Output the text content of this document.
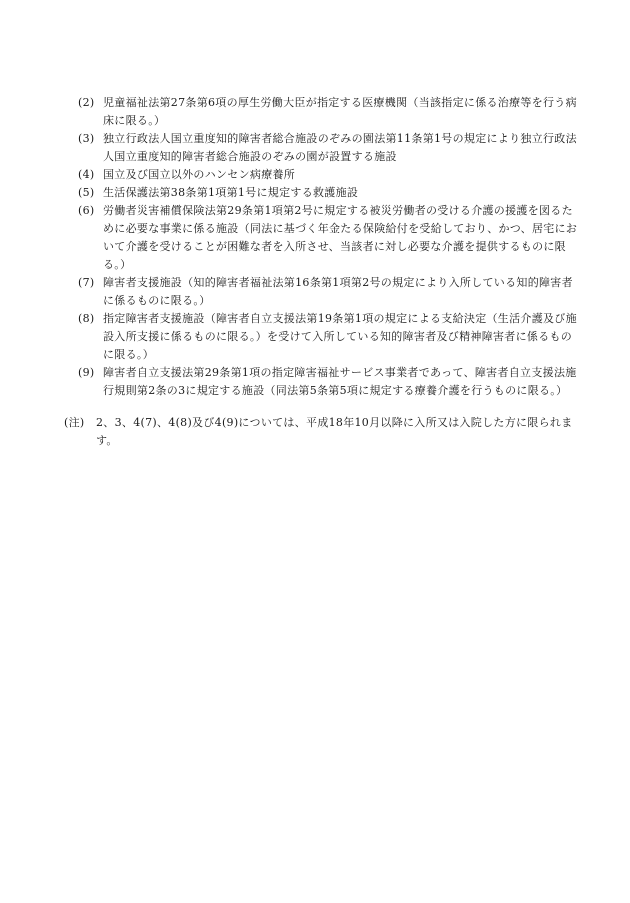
(2) 児童福祉法第27条第6項の厚生労働大臣が指定する医療機関（当該指定に係る治療等を行う病床に限る。）
(3) 独立行政法人国立重度知的障害者総合施設のぞみの園法第11条第1号の規定により独立行政法人国立重度知的障害者総合施設のぞみの園が設置する施設
(4) 国立及び国立以外のハンセン病療養所
(5) 生活保護法第38条第1項第1号に規定する救護施設
(6) 労働者災害補償保険法第29条第1項第2号に規定する被災労働者の受ける介護の援護を図るために必要な事業に係る施設（同法に基づく年金たる保険給付を受給しており、かつ、居宅において介護を受けることが困難な者を入所させ、当該者に対し必要な介護を提供するものに限る。）
(7) 障害者支援施設（知的障害者福祉法第16条第1項第2号の規定により入所している知的障害者に係るものに限る。）
(8) 指定障害者支援施設（障害者自立支援法第19条第1項の規定による支給決定（生活介護及び施設入所支援に係るものに限る。）を受けて入所している知的障害者及び精神障害者に係るものに限る。）
(9) 障害者自立支援法第29条第1項の指定障害福祉サービス事業者であって、障害者自立支援法施行規則第2条の3に規定する施設（同法第5条第5項に規定する療養介護を行うものに限る。）
(注)	2、3、4(7)、4(8)及び4(9)については、平成18年10月以降に入所又は入院した方に限られます。
